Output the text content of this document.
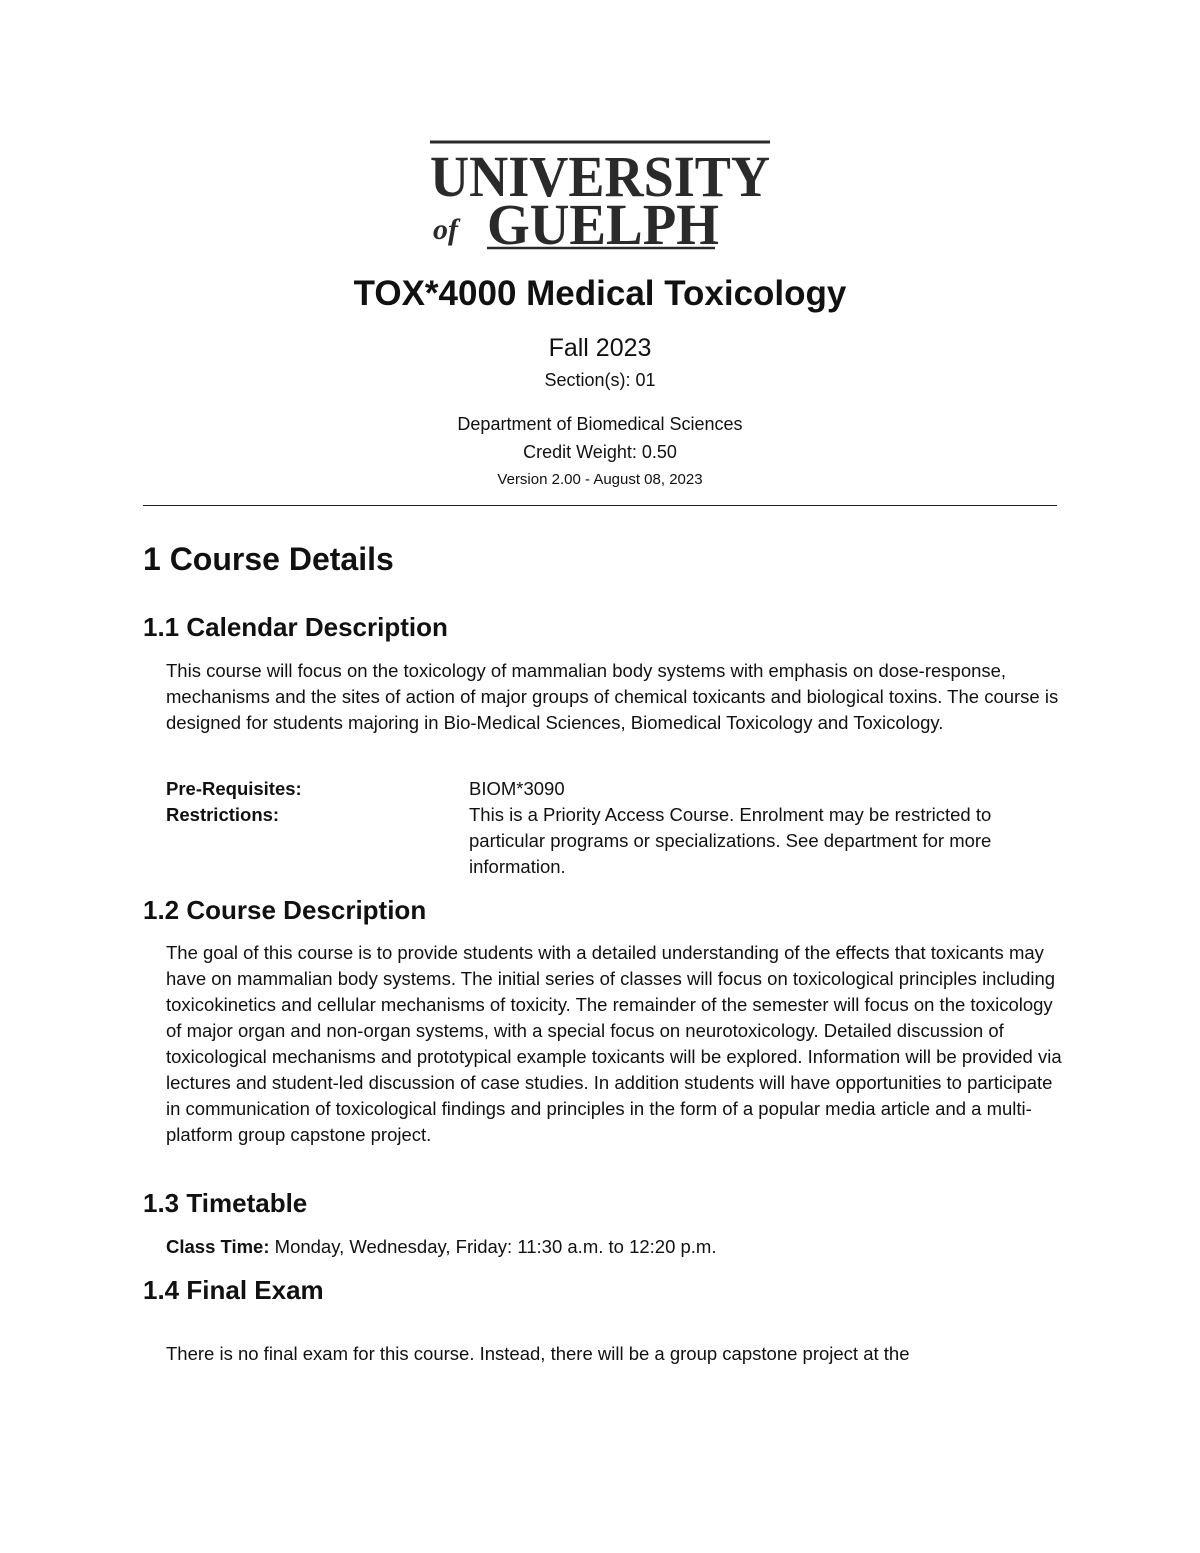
UNIVERSITY
of GUELPH
TOX*4000 Medical Toxicology
Fall 2023
Section(s): 01
Department of Biomedical Sciences
Credit Weight: 0.50
Version 2.00 - August 08, 2023
1 Course Details
1.1 Calendar Description

This course will focus on the toxicology of mammalian body systems with emphasis on dose-response, mechanisms and the sites of action of major groups of chemical toxicants and biological toxins. The course is designed for students majoring in Bio-Medical Sciences, Biomedical Toxicology and Toxicology.

Pre-Requisites:	BIOM*3090
Restrictions:	This is a Priority Access Course. Enrolment may be restricted to particular programs or specializations. See department for more information.
1.2 Course Description

The goal of this course is to provide students with a detailed understanding of the effects that toxicants may have on mammalian body systems. The initial series of classes will focus on toxicological principles including toxicokinetics and cellular mechanisms of toxicity. The remainder of the semester will focus on the toxicology of major organ and non-organ systems, with a special focus on neurotoxicology. Detailed discussion of toxicological mechanisms and prototypical example toxicants will be explored. Information will be provided via lectures and student-led discussion of case studies. In addition students will have opportunities to participate in communication of toxicological findings and principles in the form of a popular media article and a multi-platform group capstone project.

1.3 Timetable

Class Time: Monday, Wednesday, Friday: 11:30 a.m. to 12:20 p.m.

1.4 Final Exam

There is no final exam for this course. Instead, there will be a group capstone project at the
